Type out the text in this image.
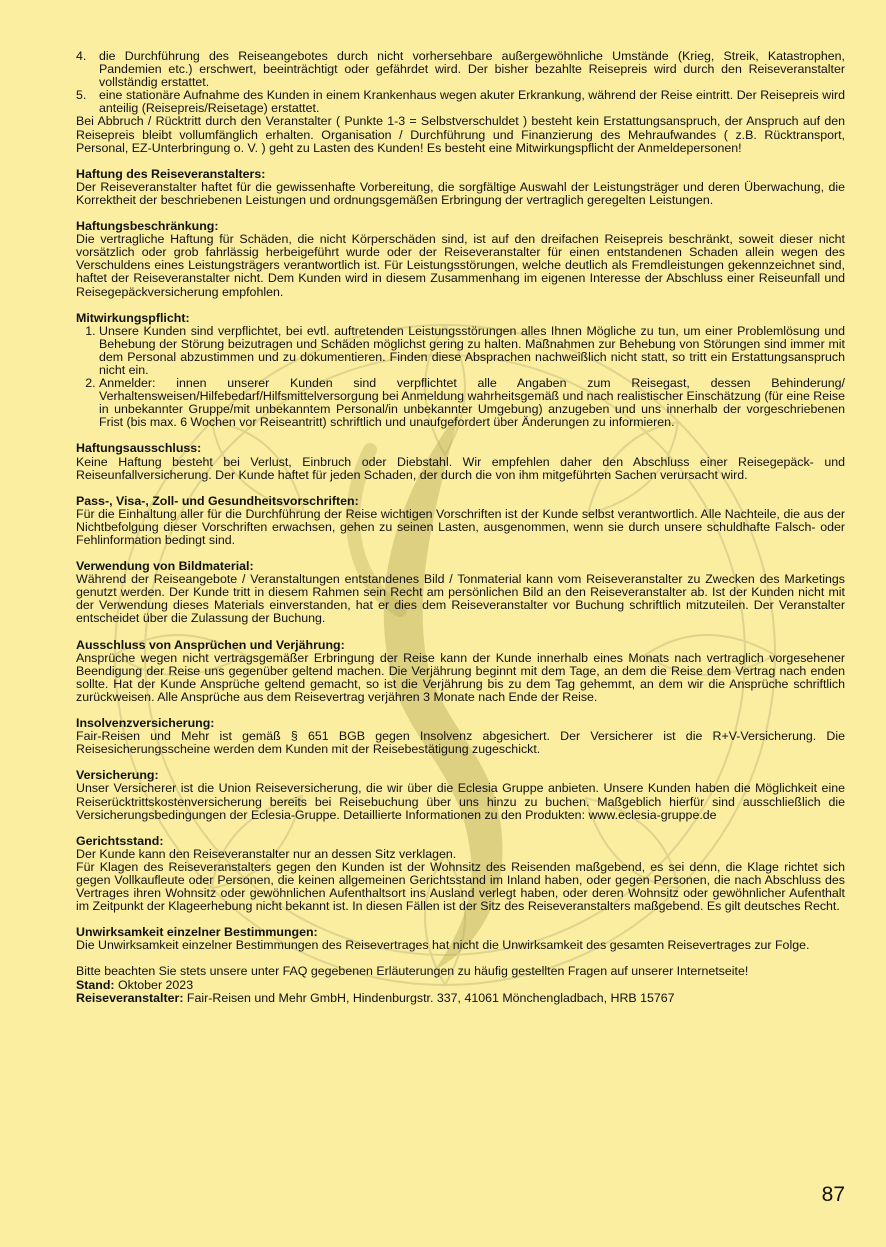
4. die Durchführung des Reiseangebotes durch nicht vorhersehbare außergewöhnliche Umstände (Krieg, Streik, Katastrophen, Pandemien etc.) erschwert, beeinträchtigt oder gefährdet wird. Der bisher bezahlte Reisepreis wird durch den Reiseveranstalter vollständig erstattet.
5. eine stationäre Aufnahme des Kunden in einem Krankenhaus wegen akuter Erkrankung, während der Reise eintritt. Der Reisepreis wird anteilig (Reisepreis/Reisetage) erstattet.

Bei Abbruch / Rücktritt durch den Veranstalter ( Punkte 1-3 = Selbstverschuldet ) besteht kein Erstattungsanspruch, der Anspruch auf den Reisepreis bleibt vollumfänglich erhalten. Organisation / Durchführung und Finanzierung des Mehraufwandes ( z.B. Rücktransport, Personal, EZ-Unterbringung o. V. ) geht zu Lasten des Kunden! Es besteht eine Mitwirkungspflicht der Anmeldepersonen!

Haftung des Reiseveranstalters:

Der Reiseveranstalter haftet für die gewissenhafte Vorbereitung, die sorgfältige Auswahl der Leistungsträger und deren Überwachung, die Korrektheit der beschriebenen Leistungen und ordnungsgemäßen Erbringung der vertraglich geregelten Leistungen.

Haftungsbeschränkung:

Die vertragliche Haftung für Schäden, die nicht Körperschäden sind, ist auf den dreifachen Reisepreis beschränkt, soweit dieser nicht vorsätzlich oder grob fahrlässig herbeigeführt wurde oder der Reiseveranstalter für einen entstandenen Schaden allein wegen des Verschuldens eines Leistungsträgers verantwortlich ist. Für Leistungsstörungen, welche deutlich als Fremdleistungen gekennzeichnet sind, haftet der Reiseveranstalter nicht. Dem Kunden wird in diesem Zusammenhang im eigenen Interesse der Abschluss einer Reiseunfall und Reisegepäckversicherung empfohlen.

Mitwirkungspflicht:
1. Unsere Kunden sind verpflichtet, bei evtl. auftretenden Leistungsstörungen alles Ihnen Mögliche zu tun, um einer Problemlösung und Behebung der Störung beizutragen und Schäden möglichst gering zu halten. Maßnahmen zur Behebung von Störungen sind immer mit dem Personal abzustimmen und zu dokumentieren. Finden diese Absprachen nachweißlich nicht statt, so tritt ein Erstattungsanspruch nicht ein.
2. Anmelder: innen unserer Kunden sind verpflichtet alle Angaben zum Reisegast, dessen Behinderung/ Verhaltensweisen/Hilfebedarf/Hilfsmittelversorgung bei Anmeldung wahrheitsgemäß und nach realistischer Einschätzung (für eine Reise in unbekannter Gruppe/mit unbekanntem Personal/in unbekannter Umgebung) anzugeben und uns innerhalb der vorgeschriebenen Frist (bis max. 6 Wochen vor Reiseantritt) schriftlich und unaufgefordert über Änderungen zu informieren.
Haftungsausschluss:

Keine Haftung besteht bei Verlust, Einbruch oder Diebstahl. Wir empfehlen daher den Abschluss einer Reisegepäck- und Reiseunfallversicherung. Der Kunde haftet für jeden Schaden, der durch die von ihm mitgeführten Sachen verursacht wird.

Pass-, Visa-, Zoll- und Gesundheitsvorschriften:

Für die Einhaltung aller für die Durchführung der Reise wichtigen Vorschriften ist der Kunde selbst verantwortlich. Alle Nachteile, die aus der Nichtbefolgung dieser Vorschriften erwachsen, gehen zu seinen Lasten, ausgenommen, wenn sie durch unsere schuldhafte Falsch- oder Fehlinformation bedingt sind.

Verwendung von Bildmaterial:

Während der Reiseangebote / Veranstaltungen entstandenes Bild / Tonmaterial kann vom Reiseveranstalter zu Zwecken des Marketings genutzt werden. Der Kunde tritt in diesem Rahmen sein Recht am persönlichen Bild an den Reiseveranstalter ab. Ist der Kunden nicht mit der Verwendung dieses Materials einverstanden, hat er dies dem Reiseveranstalter vor Buchung schriftlich mitzuteilen. Der Veranstalter entscheidet über die Zulassung der Buchung.

Ausschluss von Ansprüchen und Verjährung:

Ansprüche wegen nicht vertragsgemäßer Erbringung der Reise kann der Kunde innerhalb eines Monats nach vertraglich vorgesehener Beendigung der Reise uns gegenüber geltend machen. Die Verjährung beginnt mit dem Tage, an dem die Reise dem Vertrag nach enden sollte. Hat der Kunde Ansprüche geltend gemacht, so ist die Verjährung bis zu dem Tag gehemmt, an dem wir die Ansprüche schriftlich zurückweisen. Alle Ansprüche aus dem Reisevertrag verjähren 3 Monate nach Ende der Reise.

Insolvenzversicherung:

Fair-Reisen und Mehr ist gemäß § 651 BGB gegen Insolvenz abgesichert. Der Versicherer ist die R+V-Versicherung. Die Reisesicherungsscheine werden dem Kunden mit der Reisebestätigung zugeschickt.

Versicherung:

Unser Versicherer ist die Union Reiseversicherung, die wir über die Eclesia Gruppe anbieten. Unsere Kunden haben die Möglichkeit eine Reiserücktrittskostenversicherung bereits bei Reisebuchung über uns hinzu zu buchen. Maßgeblich hierfür sind ausschließlich die Versicherungsbedingungen der Eclesia-Gruppe. Detaillierte Informationen zu den Produkten: www.eclesia-gruppe.de

Gerichtsstand:

Der Kunde kann den Reiseveranstalter nur an dessen Sitz verklagen.

Für Klagen des Reiseveranstalters gegen den Kunden ist der Wohnsitz des Reisenden maßgebend, es sei denn, die Klage richtet sich gegen Vollkaufleute oder Personen, die keinen allgemeinen Gerichtsstand im Inland haben, oder gegen Personen, die nach Abschluss des Vertrages ihren Wohnsitz oder gewöhnlichen Aufenthaltsort ins Ausland verlegt haben, oder deren Wohnsitz oder gewöhnlicher Aufenthalt im Zeitpunkt der Klageerhebung nicht bekannt ist. In diesen Fällen ist der Sitz des Reiseveranstalters maßgebend. Es gilt deutsches Recht.

Unwirksamkeit einzelner Bestimmungen:

Die Unwirksamkeit einzelner Bestimmungen des Reisevertrages hat nicht die Unwirksamkeit des gesamten Reisevertrages zur Folge.

Bitte beachten Sie stets unsere unter FAQ gegebenen Erläuterungen zu häufig gestellten Fragen auf unserer Internetseite!

Stand: Oktober 2023

Reiseveranstalter: Fair-Reisen und Mehr GmbH, Hindenburgstr. 337, 41061 Mönchengladbach, HRB 15767

87
